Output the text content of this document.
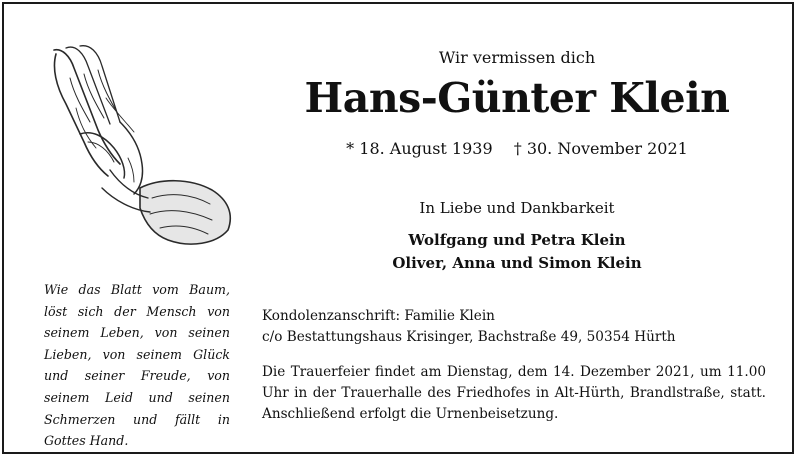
Wie das Blatt vom Baum, löst sich der Mensch von seinem Leben, von seinen Lieben, von seinem Glück und seiner Freude, von seinem Leid und seinen Schmerzen und fällt in Gottes Hand.
Wir vermissen dich
Hans-Günter Klein
* 18. August 1939 † 30. November 2021
In Liebe und Dankbarkeit
Wolfgang und Petra Klein
Oliver, Anna und Simon Klein
Kondolenzanschrift: Familie Klein
c/o Bestattungshaus Krisinger, Bachstraße 49, 50354 Hürth
Die Trauerfeier findet am Dienstag, dem 14. Dezember 2021, um 11.00 Uhr in der Trauerhalle des Friedhofes in Alt-Hürth, Brandlstraße, statt. Anschließend erfolgt die Urnenbeisetzung.
